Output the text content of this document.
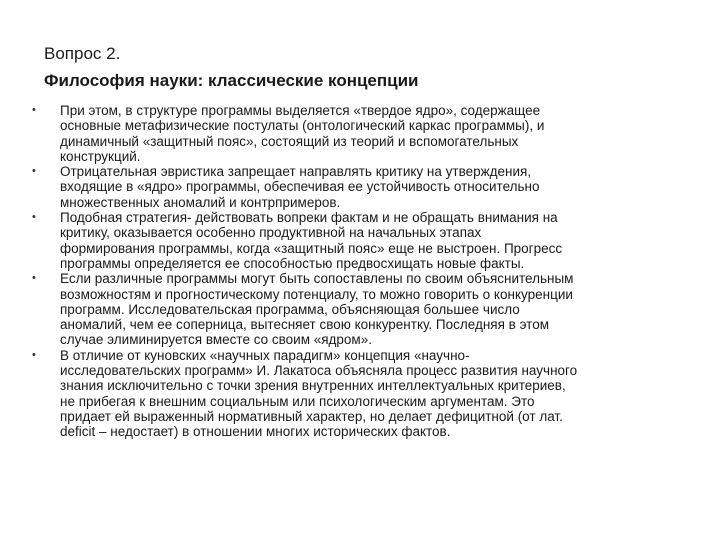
Вопрос 2.
Философия науки: классические концепции
• При этом, в структуре программы выделяется «твердое ядро», содержащее
основные метафизические постулаты (онтологический каркас программы), и
динамичный «защитный пояс», состоящий из теорий и вспомогательных
конструкций.
• Отрицательная эвристика запрещает направлять критику на утверждения,
входящие в «ядро» программы, обеспечивая ее устойчивость относительно
множественных аномалий и контрпримеров.
• Подобная стратегия- действовать вопреки фактам и не обращать внимания на
критику, оказывается особенно продуктивной на начальных этапах
формирования программы, когда «защитный пояс» еще не выстроен. Прогресс
программы определяется ее способностью предвосхищать новые факты.
• Если различные программы могут быть сопоставлены по своим объяснительным
возможностям и прогностическому потенциалу, то можно говорить о конкуренции
программ. Исследовательская программа, объясняющая большее число
аномалий, чем ее соперница, вытесняет свою конкурентку. Последняя в этом
случае элиминируется вместе со своим «ядром».
• В отличие от куновских «научных парадигм» концепция «научно-
исследовательских программ» И. Лакатоса объясняла процесс развития научного
знания исключительно с точки зрения внутренних интеллектуальных критериев,
не прибегая к внешним социальным или психологическим аргументам. Это
придает ей выраженный нормативный характер, но делает дефицитной (от лат.
deficit – недостает) в отношении многих исторических фактов.
